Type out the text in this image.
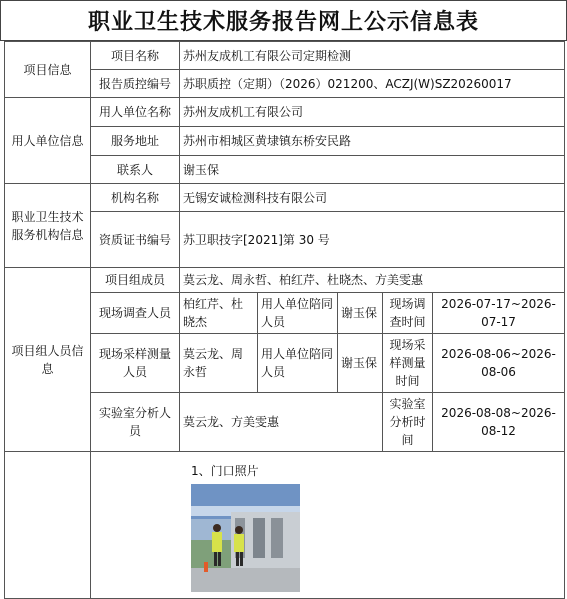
职业卫生技术服务报告网上公示信息表
项目信息	项目名称	苏州友成机工有限公司定期检测				
	报告质控编号	苏职质控（定期）（2026）021200、ACZJ(W)SZ20260017				
用人单位信息	用人单位名称	苏州友成机工有限公司				
	服务地址	苏州市相城区黄埭镇东桥安民路				
	联系人	谢玉保				
职业卫生技术服务机构信息	机构名称	无锡安诚检测科技有限公司				
	资质证书编号	苏卫职技字[2021]第 30 号				
项目组人员信息	项目组成员	莫云龙、周永哲、柏红芹、杜晓杰、方美雯惠				
	现场调查人员	柏红芹、杜晓杰	用人单位陪同人员	谢玉保	现场调查时间	2026-07-17~2026-07-17
	现场采样测量人员	莫云龙、周永哲	用人单位陪同人员	谢玉保	现场采样测量时间	2026-08-06~2026-08-06
	实验室分析人员	莫云龙、方美雯惠			实验室分析时间	2026-08-08~2026-08-12

	1、门口照片					
